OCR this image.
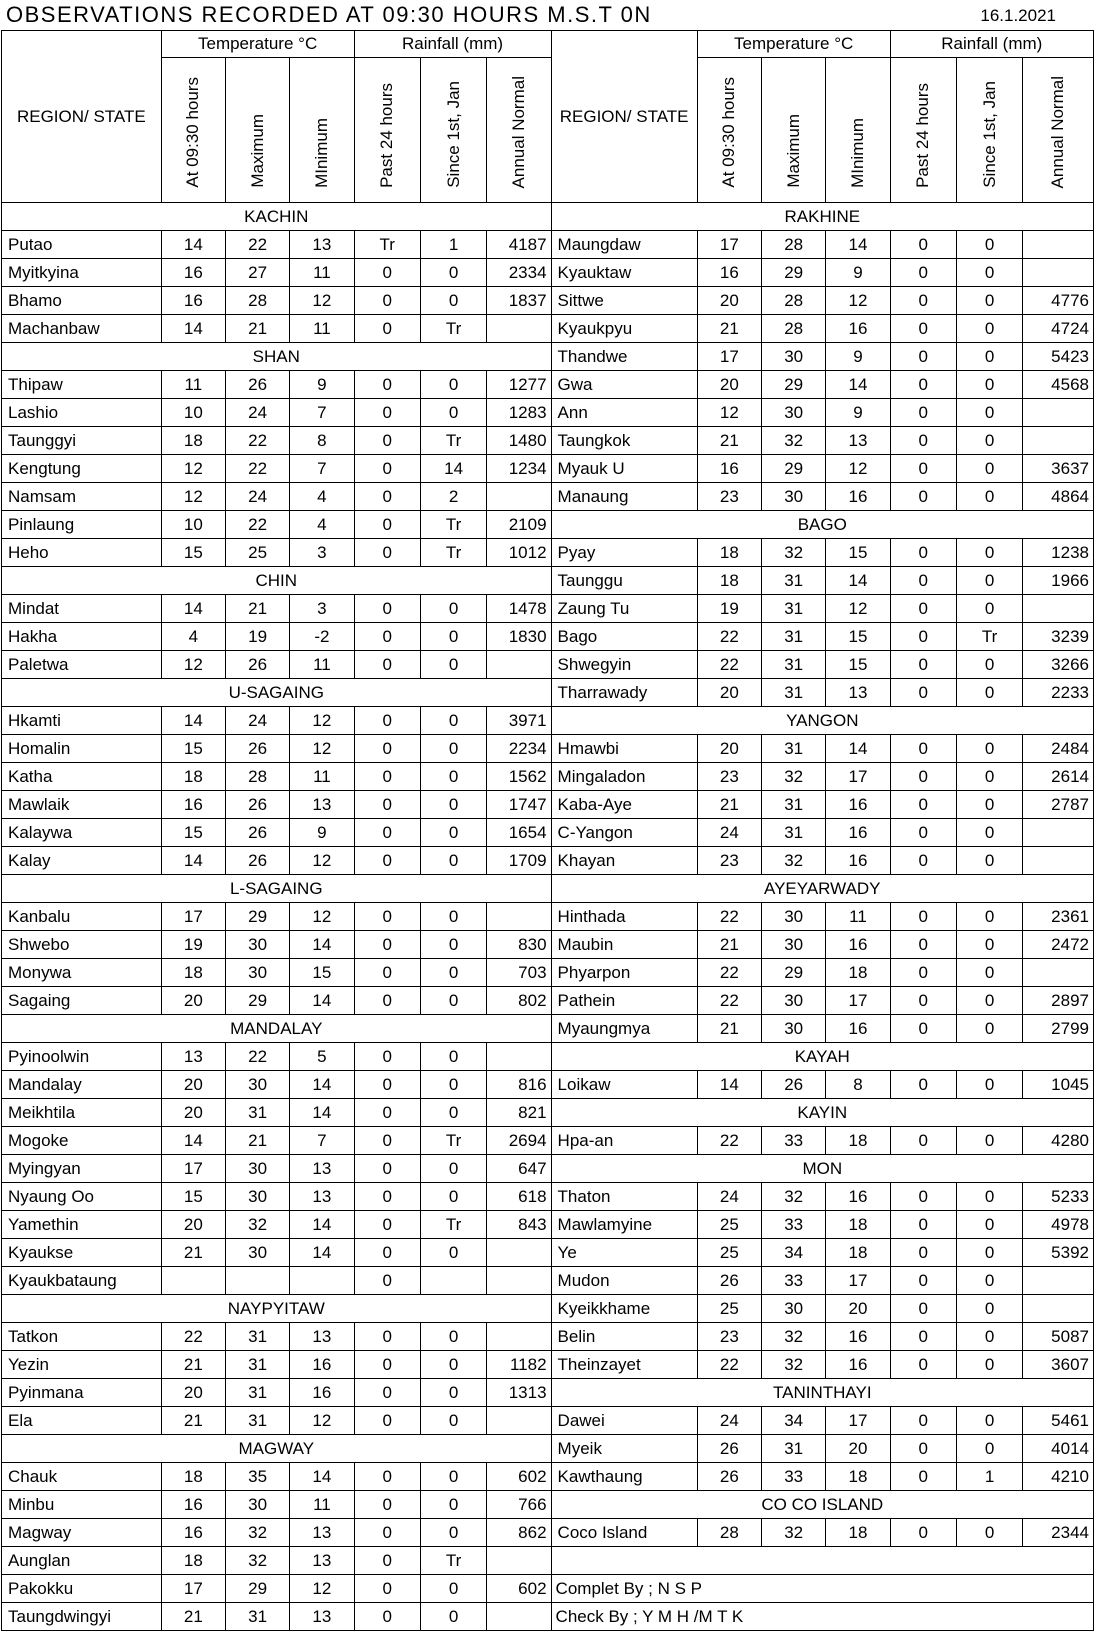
OBSERVATIONS RECORDED AT 09:30 HOURS M.S.T 0N	16.1.2021
REGION/ STATE	Temperature °C			Rainfall (mm)			REGION/ STATE	Temperature °C			Rainfall (mm)		
	At 09:30 hours	Maximum	MInimum	Past 24 hours	Since 1st, Jan	Annual Normal		At 09:30 hours	Maximum	MInimum	Past 24 hours	Since 1st, Jan	Annual Normal
KACHIN							RAKHINE						
Putao	14	22	13	Tr	1	4187	Maungdaw	17	28	14	0	0	
Myitkyina	16	27	11	0	0	2334	Kyauktaw	16	29	9	0	0	
Bhamo	16	28	12	0	0	1837	Sittwe	20	28	12	0	0	4776
Machanbaw	14	21	11	0	Tr		Kyaukpyu	21	28	16	0	0	4724
SHAN							Thandwe	17	30	9	0	0	5423
Thipaw	11	26	9	0	0	1277	Gwa	20	29	14	0	0	4568
Lashio	10	24	7	0	0	1283	Ann	12	30	9	0	0	
Taunggyi	18	22	8	0	Tr	1480	Taungkok	21	32	13	0	0	
Kengtung	12	22	7	0	14	1234	Myauk U	16	29	12	0	0	3637
Namsam	12	24	4	0	2		Manaung	23	30	16	0	0	4864
Pinlaung	10	22	4	0	Tr	2109	BAGO						
Heho	15	25	3	0	Tr	1012	Pyay	18	32	15	0	0	1238
CHIN							Taunggu	18	31	14	0	0	1966
Mindat	14	21	3	0	0	1478	Zaung Tu	19	31	12	0	0	
Hakha	4	19	-2	0	0	1830	Bago	22	31	15	0	Tr	3239
Paletwa	12	26	11	0	0		Shwegyin	22	31	15	0	0	3266
U-SAGAING							Tharrawady	20	31	13	0	0	2233
Hkamti	14	24	12	0	0	3971	YANGON						
Homalin	15	26	12	0	0	2234	Hmawbi	20	31	14	0	0	2484
Katha	18	28	11	0	0	1562	Mingaladon	23	32	17	0	0	2614
Mawlaik	16	26	13	0	0	1747	Kaba-Aye	21	31	16	0	0	2787
Kalaywa	15	26	9	0	0	1654	C-Yangon	24	31	16	0	0	
Kalay	14	26	12	0	0	1709	Khayan	23	32	16	0	0	
L-SAGAING							AYEYARWADY						
Kanbalu	17	29	12	0	0		Hinthada	22	30	11	0	0	2361
Shwebo	19	30	14	0	0	830	Maubin	21	30	16	0	0	2472
Monywa	18	30	15	0	0	703	Phyarpon	22	29	18	0	0	
Sagaing	20	29	14	0	0	802	Pathein	22	30	17	0	0	2897
MANDALAY							Myaungmya	21	30	16	0	0	2799
Pyinoolwin	13	22	5	0	0		KAYAH						
Mandalay	20	30	14	0	0	816	Loikaw	14	26	8	0	0	1045
Meikhtila	20	31	14	0	0	821	KAYIN						
Mogoke	14	21	7	0	Tr	2694	Hpa-an	22	33	18	0	0	4280
Myingyan	17	30	13	0	0	647	MON						
Nyaung Oo	15	30	13	0	0	618	Thaton	24	32	16	0	0	5233
Yamethin	20	32	14	0	Tr	843	Mawlamyine	25	33	18	0	0	4978
Kyaukse	21	30	14	0	0		Ye	25	34	18	0	0	5392
Kyaukbataung				0			Mudon	26	33	17	0	0	
NAYPYITAW							Kyeikkhame	25	30	20	0	0	
Tatkon	22	31	13	0	0		Belin	23	32	16	0	0	5087
Yezin	21	31	16	0	0	1182	Theinzayet	22	32	16	0	0	3607
Pyinmana	20	31	16	0	0	1313	TANINTHAYI						
Ela	21	31	12	0	0		Dawei	24	34	17	0	0	5461
MAGWAY							Myeik	26	31	20	0	0	4014
Chauk	18	35	14	0	0	602	Kawthaung	26	33	18	0	1	4210
Minbu	16	30	11	0	0	766	CO CO ISLAND						
Magway	16	32	13	0	0	862	Coco Island	28	32	18	0	0	2344
Aunglan	18	32	13	0	Tr								
Pakokku	17	29	12	0	0	602	Complet By ; N S P						
Taungdwingyi	21	31	13	0	0		Check By ; Y M H /M T K						
